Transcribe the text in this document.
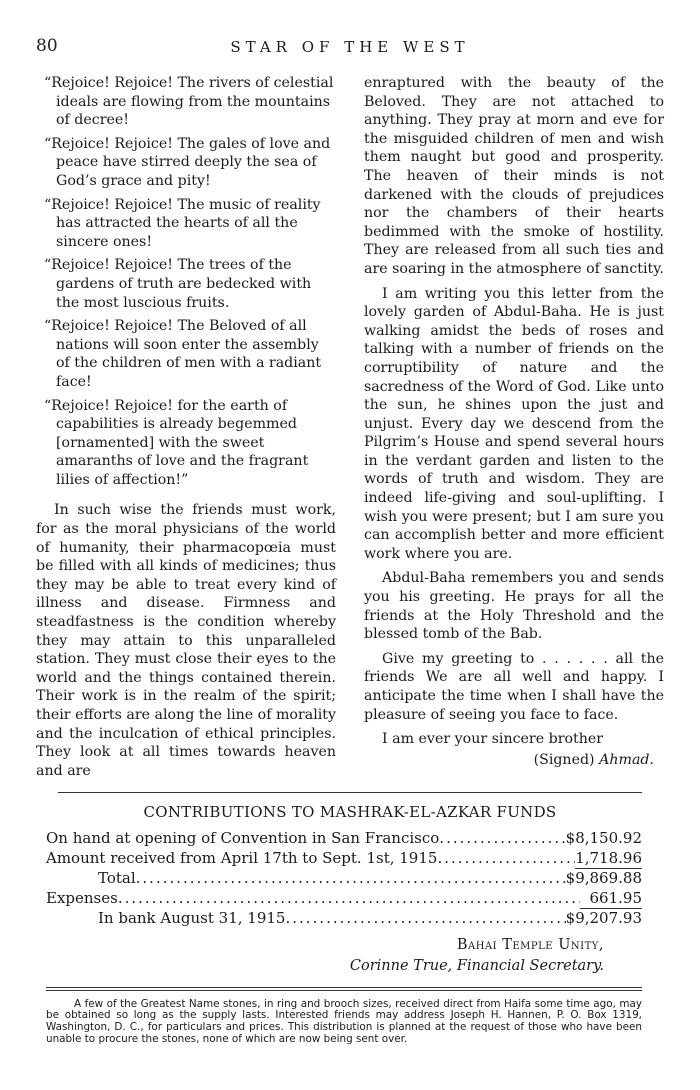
80	STAR OF THE WEST

“Rejoice! Rejoice! The rivers of celestial ideals are flowing from the mountains of decree!

“Rejoice! Rejoice! The gales of love and peace have stirred deeply the sea of God’s grace and pity!

“Rejoice! Rejoice! The music of reality has attracted the hearts of all the sincere ones!

“Rejoice! Rejoice! The trees of the gardens of truth are bedecked with the most luscious fruits.

“Rejoice! Rejoice! The Beloved of all nations will soon enter the assembly of the children of men with a radiant face!

“Rejoice! Rejoice! for the earth of capabilities is already begemmed [ornamented] with the sweet amaranths of love and the fragrant lilies of affection!”

In such wise the friends must work, for as the moral physicians of the world of humanity, their pharmacopœia must be filled with all kinds of medicines; thus they may be able to treat every kind of illness and disease. Firmness and steadfastness is the condition whereby they may attain to this unparalleled station. They must close their eyes to the world and the things contained therein. Their work is in the realm of the spirit; their efforts are along the line of morality and the inculcation of ethical principles. They look at all times towards heaven and are

enraptured with the beauty of the Beloved. They are not attached to anything. They pray at morn and eve for the misguided children of men and wish them naught but good and prosperity. The heaven of their minds is not darkened with the clouds of prejudices nor the chambers of their hearts bedimmed with the smoke of hostility. They are released from all such ties and are soaring in the atmosphere of sanctity.

I am writing you this letter from the lovely garden of Abdul-Baha. He is just walking amidst the beds of roses and talking with a number of friends on the corruptibility of nature and the sacredness of the Word of God. Like unto the sun, he shines upon the just and unjust. Every day we descend from the Pilgrim’s House and spend several hours in the verdant garden and listen to the words of truth and wisdom. They are indeed life-giving and soul-uplifting. I wish you were present; but I am sure you can accomplish better and more efficient work where you are.

Abdul-Baha remembers you and sends you his greeting. He prays for all the friends at the Holy Threshold and the blessed tomb of the Bab.

Give my greeting to . . . . . . all the friends We are all well and happy. I anticipate the time when I shall have the pleasure of seeing you face to face.

I am ever your sincere brother

(Signed) Ahmad.

CONTRIBUTIONS TO MASHRAK-EL-AZKAR FUNDS
On hand at opening of Convention in San Francisco .....	$8,150.92
Amount received from April 17th to Sept. 1st, 1915 .....	1,718.96
Total .....	$9,869.88
Expenses .....	661.95
In bank August 31, 1915 .....	$9,207.93
Bahai Temple Unity,
Corinne True, Financial Secretary.

A few of the Greatest Name stones, in ring and brooch sizes, received direct from Haifa some time ago, may be obtained so long as the supply lasts. Interested friends may address Joseph H. Hannen, P. O. Box 1319, Washington, D. C., for particulars and prices. This distribution is planned at the request of those who have been unable to procure the stones, none of which are now being sent over.
